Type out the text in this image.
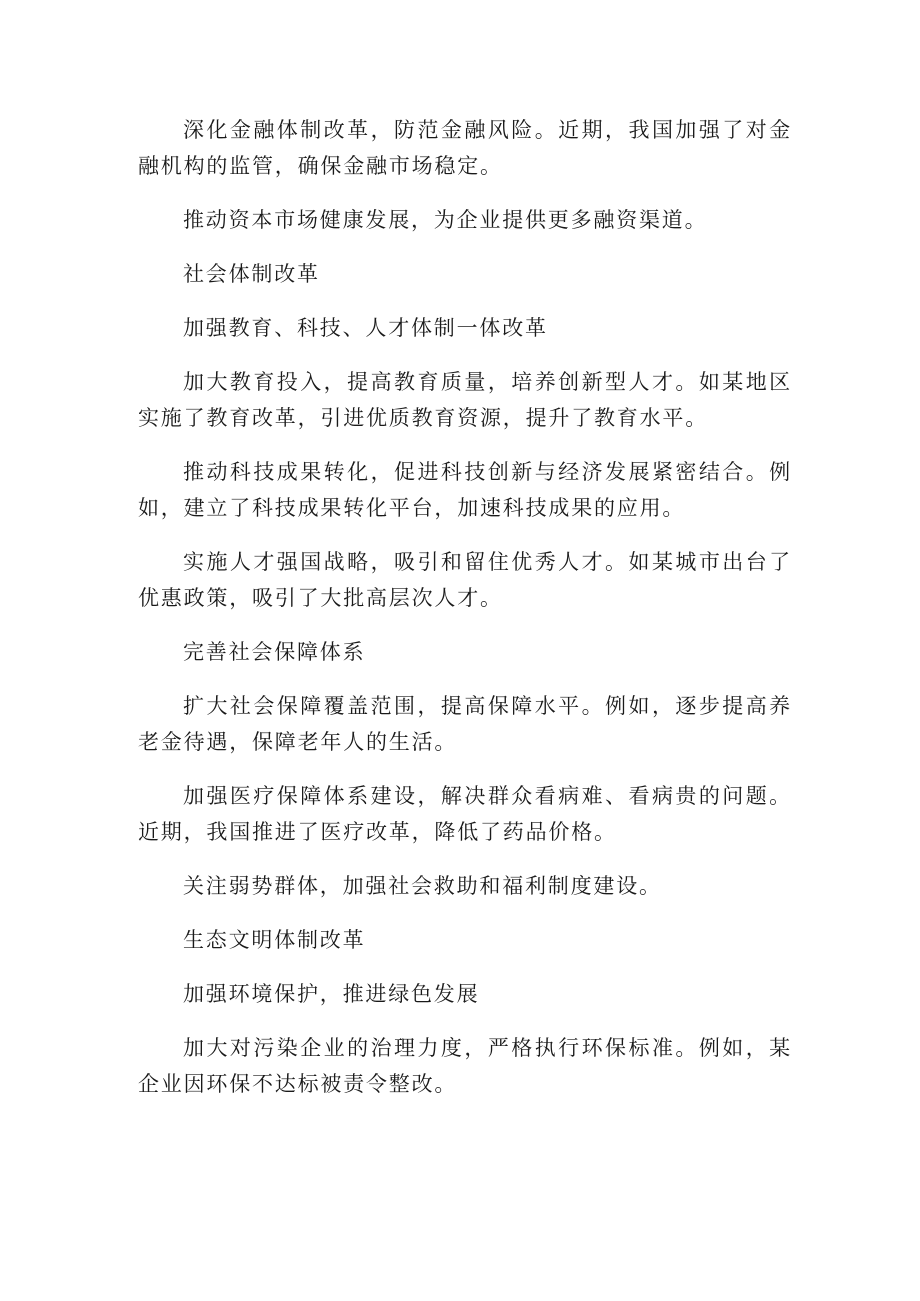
深化金融体制改革，防范金融风险。近期，我国加强了对金融机构的监管，确保金融市场稳定。

推动资本市场健康发展，为企业提供更多融资渠道。

社会体制改革

加强教育、科技、人才体制一体改革

加大教育投入，提高教育质量，培养创新型人才。如某地区实施了教育改革，引进优质教育资源，提升了教育水平。

推动科技成果转化，促进科技创新与经济发展紧密结合。例如，建立了科技成果转化平台，加速科技成果的应用。

实施人才强国战略，吸引和留住优秀人才。如某城市出台了优惠政策，吸引了大批高层次人才。

完善社会保障体系

扩大社会保障覆盖范围，提高保障水平。例如，逐步提高养老金待遇，保障老年人的生活。

加强医疗保障体系建设，解决群众看病难、看病贵的问题。近期，我国推进了医疗改革，降低了药品价格。

关注弱势群体，加强社会救助和福利制度建设。

生态文明体制改革

加强环境保护，推进绿色发展

加大对污染企业的治理力度，严格执行环保标准。例如，某企业因环保不达标被责令整改。
